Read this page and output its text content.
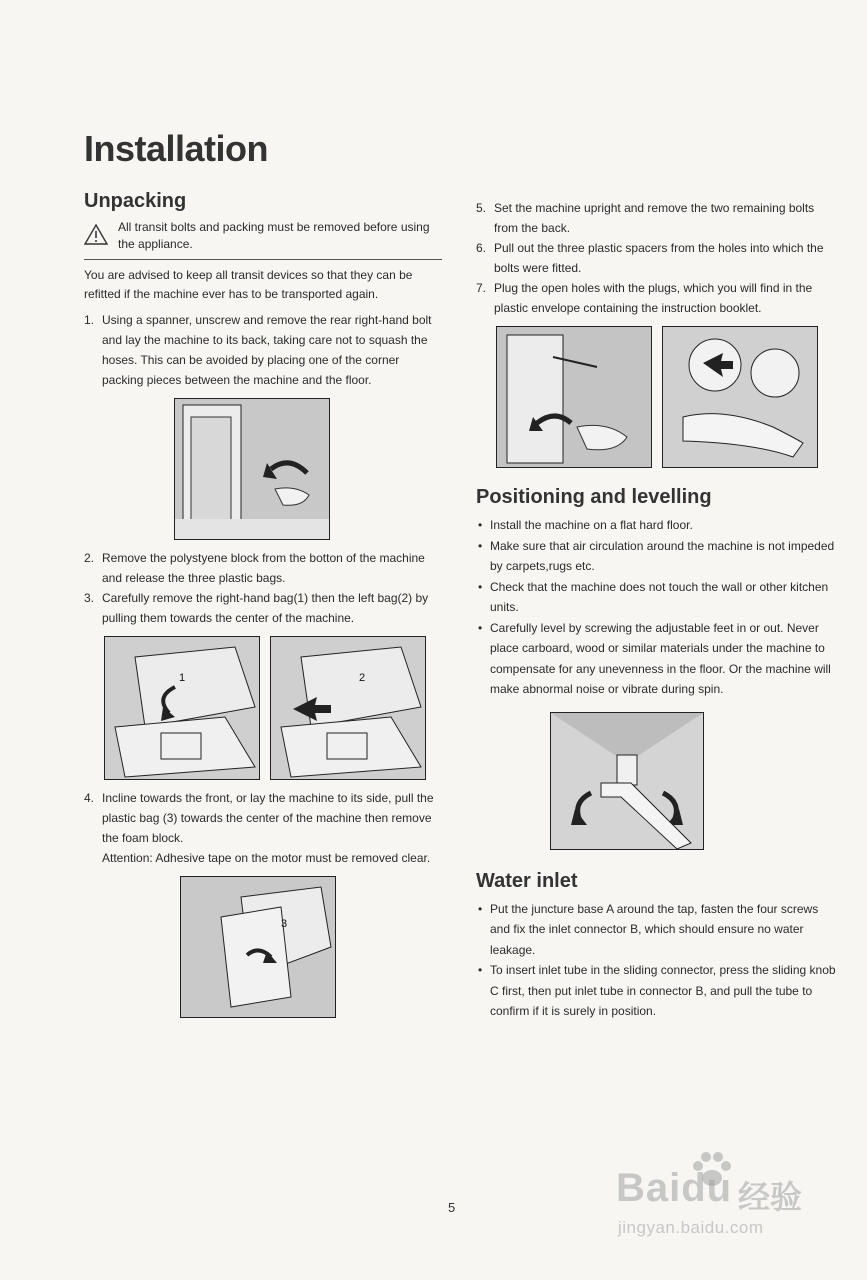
Installation
Unpacking
All transit bolts and packing must be removed before using the appliance.

You are advised to keep all transit devices so that they can be refitted if the machine ever has to be transported again.

1. Using a spanner, unscrew and remove the rear right-hand bolt and lay the machine to its back, taking care not to squash the hoses. This can be avoided by placing one of the corner packing pieces between the machine and the floor.
2. Remove the polystyene block from the botton of the machine and release the three plastic bags.
3. Carefully remove the right-hand bag(1) then the left bag(2) by pulling them towards the center of the machine.
1	2
4. Incline towards the front, or lay the machine to its side, pull the plastic bag (3) towards the center of the machine then remove the foam block.
Attention: Adhesive tape on the motor must be removed clear.
3
5. Set the machine upright and remove the two remaining bolts from the back.
6. Pull out the three plastic spacers from the holes into which the bolts were fitted.
7. Plug the open holes with the plugs, which you will find in the plastic envelope containing the instruction booklet.
Positioning and levelling
• Install the machine on a flat hard floor.
• Make sure that air circulation around the machine is not impeded by carpets,rugs etc.
• Check that the machine does not touch the wall or other kitchen units.
• Carefully level by screwing the adjustable feet in or out. Never place carboard, wood or similar materials under the machine to compensate for any unevenness in the floor. Or the machine will make abnormal noise or vibrate during spin.
Water inlet
• Put the juncture base A around the tap, fasten the four screws and fix the inlet connector B, which should ensure no water leakage.
• To insert inlet tube in the sliding connector, press the sliding knob C first, then put inlet tube in connector B, and pull the tube to confirm if it is surely in position.
5	Baidu 经验
jingyan.baidu.com
